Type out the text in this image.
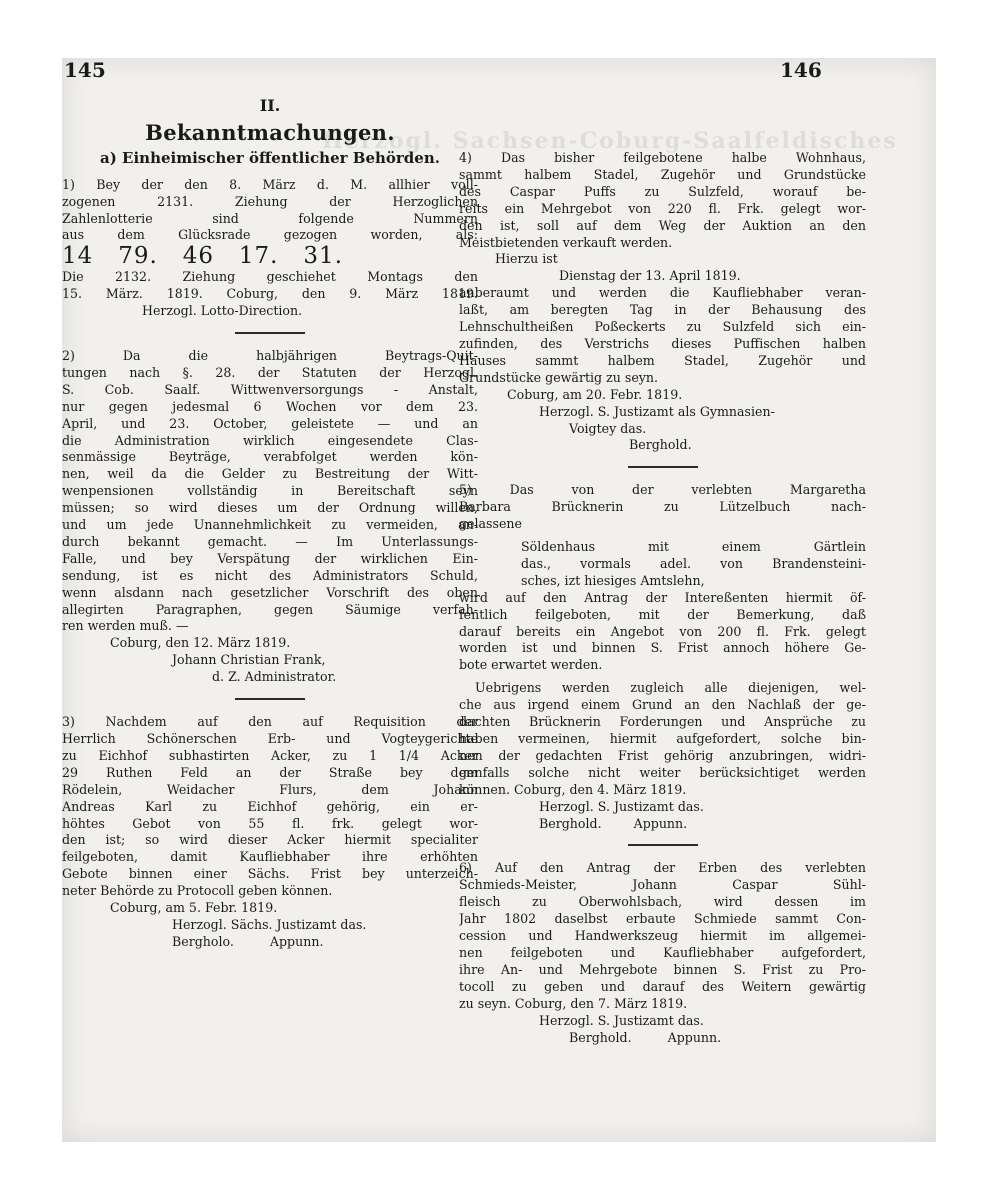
Herzogl. Sachsen-Coburg-Saalfeldisches
145	146
II.
Bekanntmachungen.
a) Einheimischer öffentlicher Behörden.
1) Bey der den 8. März d. M. allhier voll-
zogenen 2131. Ziehung der Herzoglichen
Zahlenlotterie sind folgende Nummern
aus dem Glücksrade gezogen worden, als:
14   79.   46   17.   31.
Die 2132. Ziehung geschiehet Montags den
15. März. 1819. Coburg, den 9. März 1819.
Herzogl. Lotto-Direction.
2) Da die halbjährigen Beytrags-Quit-
tungen nach §. 28. der Statuten der Herzogl.
S. Cob. Saalf. Wittwenversorgungs - Anstalt,
nur gegen jedesmal 6 Wochen vor dem 23.
April, und 23. October, geleistete — und an
die Administration wirklich eingesendete Clas-
senmässige Beyträge, verabfolget werden kön-
nen, weil da die Gelder zu Bestreitung der Witt-
wenpensionen vollständig in Bereitschaft seyn
müssen; so wird dieses um der Ordnung willen,
und um jede Unannehmlichkeit zu vermeiden, an-
durch bekannt gemacht. — Im Unterlassungs-
Falle, und bey Verspätung der wirklichen Ein-
sendung, ist es nicht des Administrators Schuld,
wenn alsdann nach gesetzlicher Vorschrift des oben
allegirten Paragraphen, gegen Säumige verfah-
ren werden muß. —
Coburg, den 12. März 1819.
Johann Christian Frank,
d. Z. Administrator.
3) Nachdem auf den auf Requisition der
Herrlich Schönerschen Erb- und Vogteygerichte
zu Eichhof subhastirten Acker, zu 1 1/4 Acker
29 Ruthen Feld an der Straße bey dem
Rödelein, Weidacher Flurs, dem Johann
Andreas Karl zu Eichhof gehörig, ein er-
höhtes Gebot von 55 fl. frk. gelegt wor-
den ist; so wird dieser Acker hiermit specialiter
feilgeboten, damit Kaufliebhaber ihre erhöhten
Gebote binnen einer Sächs. Frist bey unterzeich-
neter Behörde zu Protocoll geben können.
Coburg, am 5. Febr. 1819.
Herzogl. Sächs. Justizamt das.
Bergholo.         Appunn.
4) Das bisher feilgebotene halbe Wohnhaus,
sammt halbem Stadel, Zugehör und Grundstücke
des Caspar Puffs zu Sulzfeld, worauf be-
reits ein Mehrgebot von 220 fl. Frk. gelegt wor-
den ist, soll auf dem Weg der Auktion an den
Meistbietenden verkauft werden.
Hierzu ist
Dienstag der 13. April 1819.
anberaumt und werden die Kaufliebhaber veran-
laßt, am beregten Tag in der Behausung des
Lehnschultheißen Poßeckerts zu Sulzfeld sich ein-
zufinden, des Verstrichs dieses Puffischen halben
Hauses sammt halbem Stadel, Zugehör und
Grundstücke gewärtig zu seyn.
Coburg, am 20. Febr. 1819.
Herzogl. S. Justizamt als Gymnasien-
Voigtey das.
Berghold.
5) Das von der verlebten Margaretha
Barbara Brücknerin zu Lützelbuch nach-
gelassene
Söldenhaus mit einem Gärtlein
das., vormals adel. von Brandensteini-
sches, izt hiesiges Amtslehn,
wird auf den Antrag der Intereßenten hiermit öf-
fentlich feilgeboten, mit der Bemerkung, daß
darauf bereits ein Angebot von 200 fl. Frk. gelegt
worden ist und binnen S. Frist annoch höhere Ge-
bote erwartet werden.
Uebrigens werden zugleich alle diejenigen, wel-
che aus irgend einem Grund an den Nachlaß der ge-
dachten Brücknerin Forderungen und Ansprüche zu
haben vermeinen, hiermit aufgefordert, solche bin-
nen der gedachten Frist gehörig anzubringen, widri-
genfalls solche nicht weiter berücksichtiget werden
können. Coburg, den 4. März 1819.
Herzogl. S. Justizamt das.
Berghold.        Appunn.
6) Auf den Antrag der Erben des verlebten
Schmieds-Meister, Johann Caspar Sühl-
fleisch zu Oberwohlsbach, wird dessen im
Jahr 1802 daselbst erbaute Schmiede sammt Con-
cession und Handwerkszeug hiermit im allgemei-
nen feilgeboten und Kaufliebhaber aufgefordert,
ihre An- und Mehrgebote binnen S. Frist zu Pro-
tocoll zu geben und darauf des Weitern gewärtig
zu seyn. Coburg, den 7. März 1819.
Herzogl. S. Justizamt das.
Berghold.         Appunn.
